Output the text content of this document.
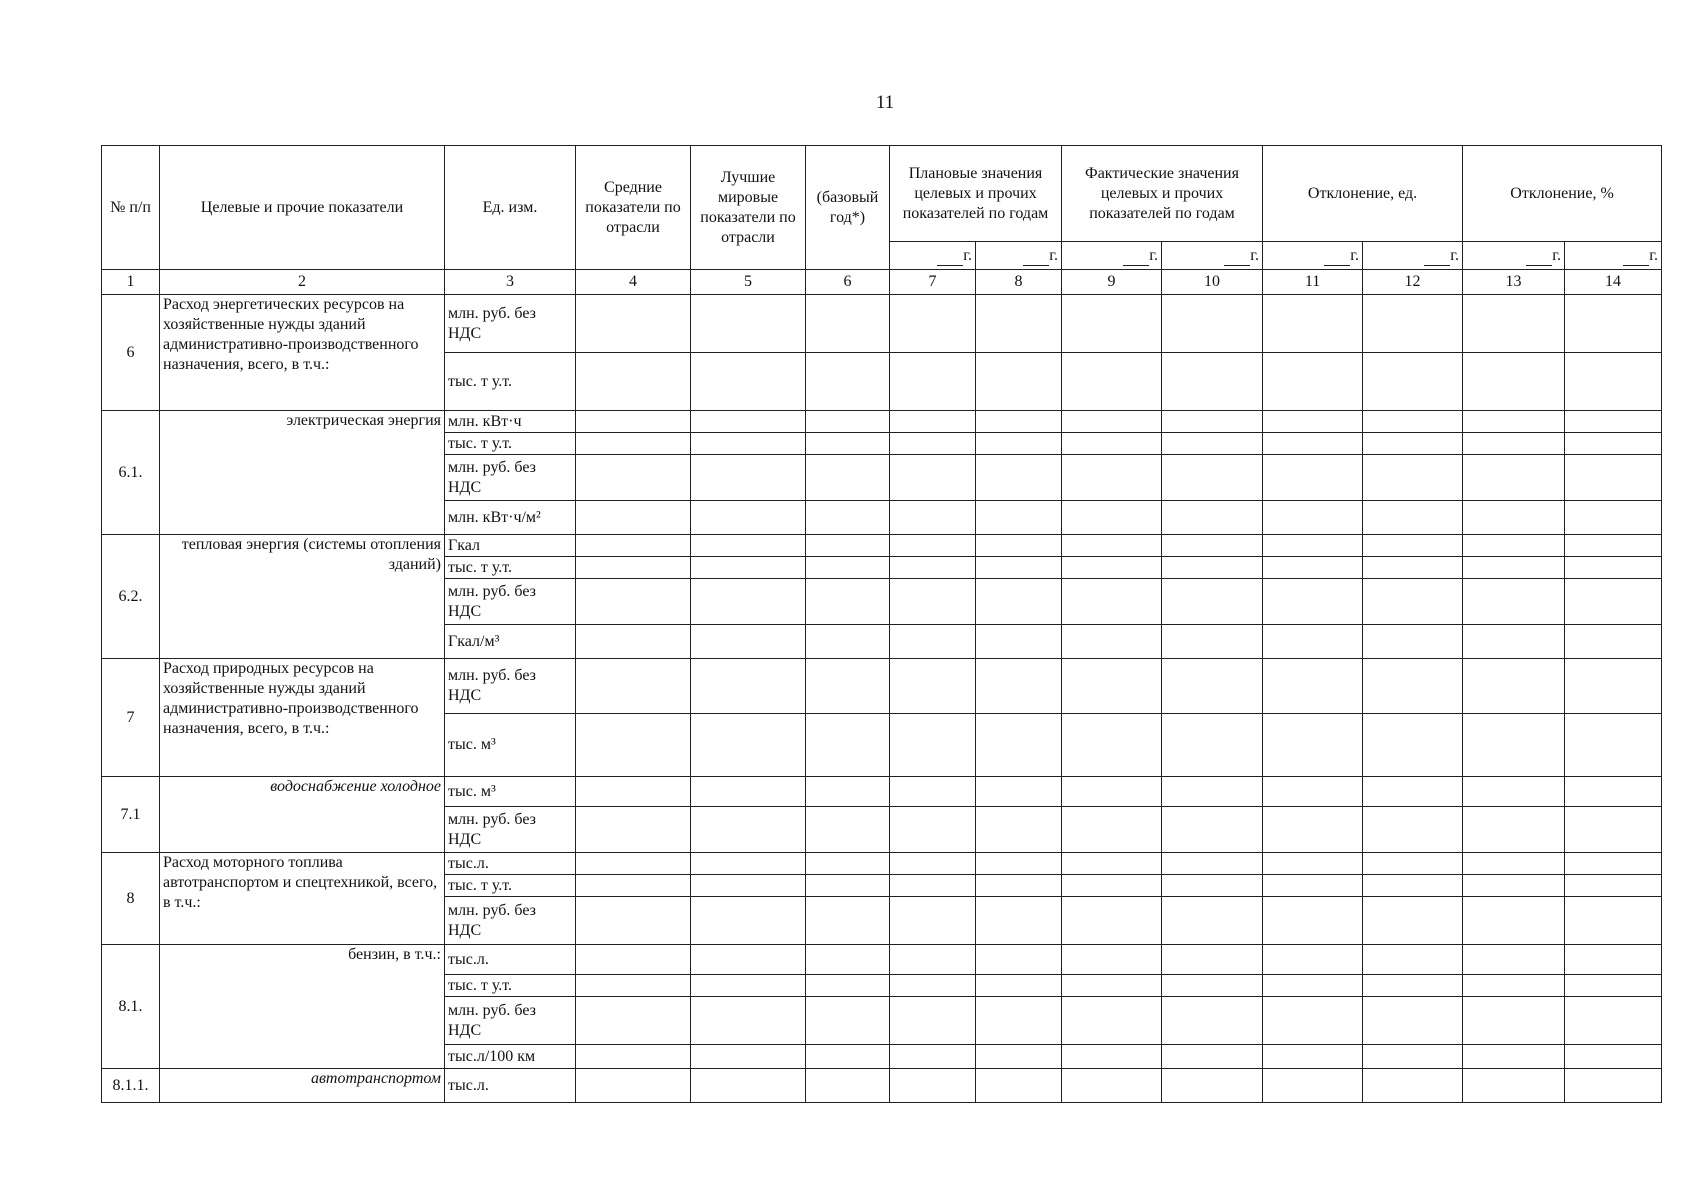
11
№ п/п	Целевые и прочие показатели	Ед. изм.	Средние показатели по отрасли	Лучшие мировые показатели по отрасли	(базовый год*)	Плановые значения целевых и прочих показателей по годам		Фактические значения целевых и прочих показателей по годам		Отклонение, ед.		Отклонение, %	
						г.	г.	г.	г.	г.	г.	г.	г.
1	2	3	4	5	6	7	8	9	10	11	12	13	14
6	Расход энергетических ресурсов на хозяйственные нужды зданий административно-производственного назначения, всего, в т.ч.:	млн. руб. без НДС											
		тыс. т у.т.											
6.1.	электрическая энергия	млн. кВт·ч											
		тыс. т у.т.											
		млн. руб. без НДС											
		млн. кВт·ч/м²											
6.2.	тепловая энергия (системы отопления зданий)	Гкал											
		тыс. т у.т.											
		млн. руб. без НДС											
		Гкал/м³											
7	Расход природных ресурсов на хозяйственные нужды зданий административно-производственного назначения, всего, в т.ч.:	млн. руб. без НДС											
		тыс. м³											
7.1	водоснабжение холодное	тыс. м³											
		млн. руб. без НДС											
8	Расход моторного топлива автотранспортом и спецтехникой, всего, в т.ч.:	тыс.л.											
		тыс. т у.т.											
		млн. руб. без НДС											
8.1.	бензин, в т.ч.:	тыс.л.											
		тыс. т у.т.											
		млн. руб. без НДС											
		тыс.л/100 км											
8.1.1.	автотранспортом	тыс.л.											
